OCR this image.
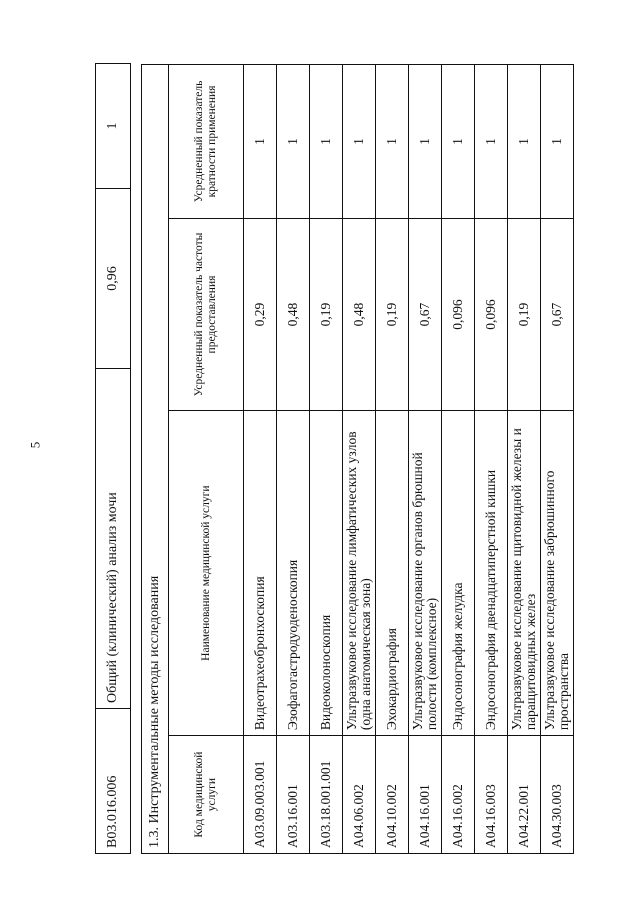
5
B03.016.006	Общий (клинический) анализ мочи	0,96	1
1.3. Инструментальные методы исследования			
Код медицинской услуги	Наименование медицинской услуги	Усредненный показатель частоты предоставления	Усредненный показатель кратности применения
A03.09.003.001	Видеотрахеобронхоскопия	0,29	1
A03.16.001	Эзофагогастродуоденоскопия	0,48	1
A03.18.001.001	Видеоколоноскопия	0,19	1
A04.06.002	Ультразвуковое исследование лимфатических узлов (одна анатомическая зона)	0,48	1
A04.10.002	Эхокардиография	0,19	1
A04.16.001	Ультразвуковое исследование органов брюшной полости (комплексное)	0,67	1
A04.16.002	Эндосонография желудка	0,096	1
A04.16.003	Эндосонография двенадцатиперстной кишки	0,096	1
A04.22.001	Ультразвуковое исследование щитовидной железы и паращитовидных желез	0,19	1
A04.30.003	Ультразвуковое исследование забрюшинного пространства	0,67	1
